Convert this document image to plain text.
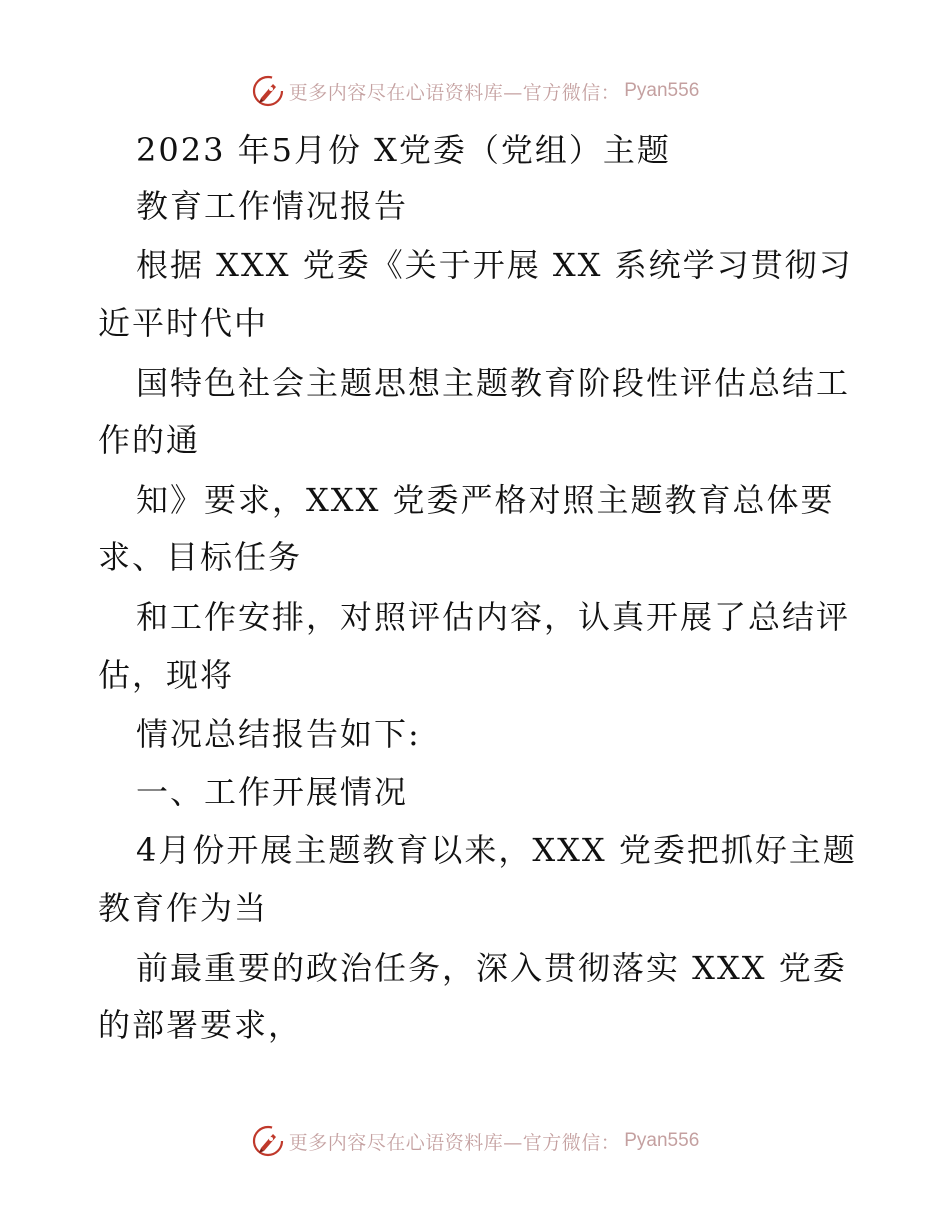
更多内容尽在心语资料库—官方微信： Pyan556
2023 年5月份 X党委（党组）主题
教育工作情况报告
根据 XXX 党委《关于开展 XX 系统学习贯彻习
近平时代中
国特色社会主题思想主题教育阶段性评估总结工
作的通
知》要求，XXX 党委严格对照主题教育总体要
求、目标任务
和工作安排，对照评估内容，认真开展了总结评
估，现将
情况总结报告如下:
一、工作开展情况
4月份开展主题教育以来，XXX 党委把抓好主题
教育作为当
前最重要的政治任务，深入贯彻落实 XXX 党委
的部署要求，
更多内容尽在心语资料库—官方微信： Pyan556
